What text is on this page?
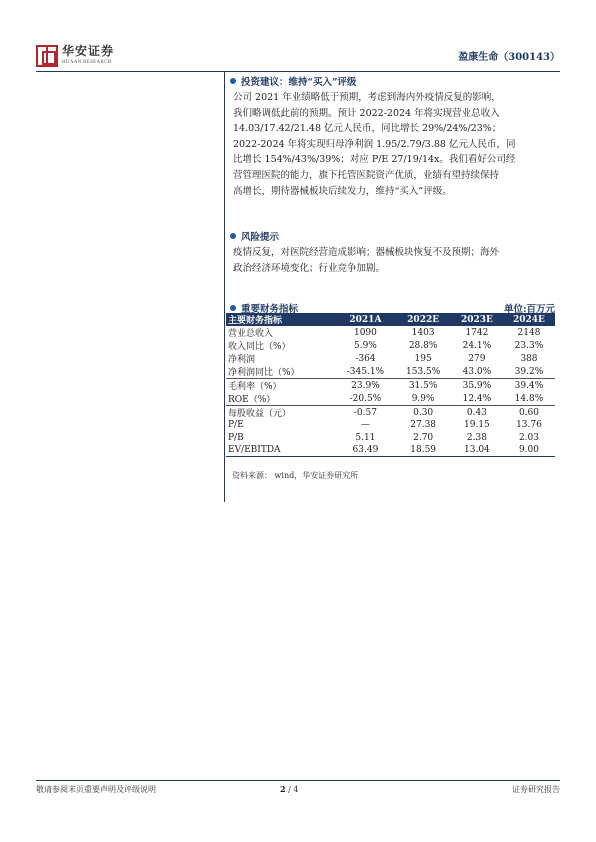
华安证券
HUAAN RESEARCH	盈康生命（300143）
投资建议：维持“买入”评级

公司 2021 年业绩略低于预期，考虑到海内外疫情反复的影响，

我们略调低此前的预期。预计 2022-2024 年将实现营业总收入

14.03/17.42/21.48 亿元人民币，同比增长 29%/24%/23%；

2022-2024 年将实现归母净利润 1.95/2.79/3.88 亿元人民币，同

比增长 154%/43%/39%；对应 P/E 27/19/14x。我们看好公司经

营管理医院的能力，旗下托管医院资产优质，业绩有望持续保持

高增长，期待器械板块后续发力，维持“买入”评级。

风险提示

疫情反复，对医院经营造成影响；器械板块恢复不及预期；海外

政治经济环境变化；行业竞争加剧。

重要财务指标	单位:百万元
主要财务指标	2021A	2022E	2023E	2024E
营业总收入	1090	1403	1742	2148
收入同比（%）	5.9%	28.8%	24.1%	23.3%
净利润	-364	195	279	388
净利润同比（%）	-345.1%	153.5%	43.0%	39.2%
毛利率（%）	23.9%	31.5%	35.9%	39.4%
ROE（%）	-20.5%	9.9%	12.4%	14.8%
每股收益（元）	-0.57	0.30	0.43	0.60
P/E	—	27.38	19.15	13.76
P/B	5.11	2.70	2.38	2.03
EV/EBITDA	63.49	18.59	13.04	9.00
资料来源： wind，华安证券研究所
敬请参阅末页重要声明及评级说明	2 / 4	证券研究报告
